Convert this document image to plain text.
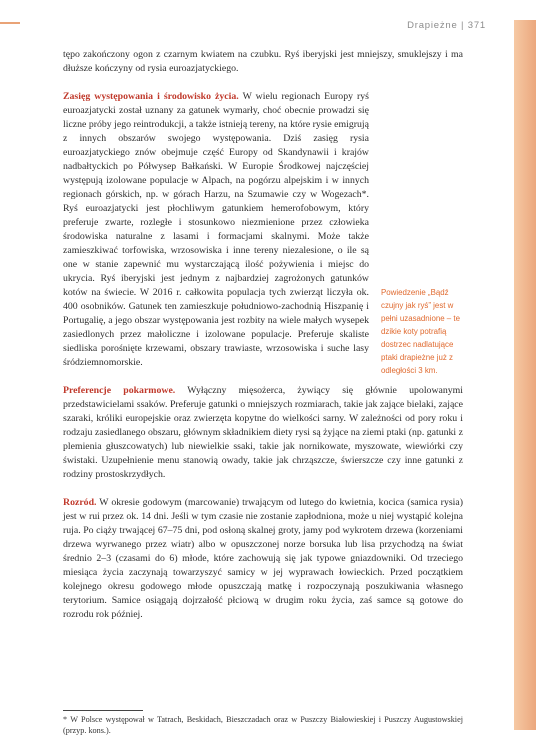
Drapieżne | 371

tępo zakończony ogon z czarnym kwiatem na czubku. Ryś iberyjski jest mniejszy, smuklejszy i ma dłuższe kończyny od rysia euroazjatyckiego.

Powiedzenie „Bądź czujny jak ryś” jest w pełni uzasadnione – te dzikie koty potrafią dostrzec nadlatujące ptaki drapieżne już z odległości 3 km.
Zasięg występowania i środowisko życia. W wielu regionach Europy ryś euroazjatycki został uznany za gatunek wymarły, choć obecnie prowadzi się liczne próby jego reintrodukcji, a także istnieją tereny, na które rysie emigrują z innych obszarów swojego występowania. Dziś zasięg rysia euroazjatyckiego znów obejmuje część Europy od Skandynawii i krajów nadbałtyckich po Półwysep Bałkański. W Europie Środkowej najczęściej występują izolowane populacje w Alpach, na pogórzu alpejskim i w innych regionach górskich, np. w górach Harzu, na Szumawie czy w Wogezach*. Ryś euroazjatycki jest płochliwym gatunkiem hemerofobowym, który preferuje zwarte, rozległe i stosunkowo niezmienione przez człowieka środowiska naturalne z lasami i formacjami skalnymi. Może także zamieszkiwać torfowiska, wrzosowiska i inne tereny niezalesione, o ile są one w stanie zapewnić mu wystarczającą ilość pożywienia i miejsc do ukrycia. Ryś iberyjski jest jednym z najbardziej zagrożonych gatunków kotów na świecie. W 2016 r. całkowita populacja tych zwierząt liczyła ok. 400 osobników. Gatunek ten zamieszkuje południowo-zachodnią Hiszpanię i Portugalię, a jego obszar występowania jest rozbity na wiele małych wysepek zasiedlonych przez małolicznе i izolowane populacje. Preferuje skaliste siedliska porośnięte krzewami, obszary trawiaste, wrzosowiska i suche lasy śródziemnomorskie.

Preferencje pokarmowe. Wyłączny mięsożerca, żywiący się głównie upolowanymi przedstawicielami ssaków. Preferuje gatunki o mniejszych rozmiarach, takie jak zające bielaki, zające szaraki, króliki europejskie oraz zwierzęta kopytne do wielkości sarny. W zależności od pory roku i rodzaju zasiedlanego obszaru, głównym składnikiem diety rysi są żyjące na ziemi ptaki (np. gatunki z plemienia głuszcowatych) lub niewielkie ssaki, takie jak nornikowate, myszowate, wiewiórki czy świstaki. Uzupełnienie menu stanowią owady, takie jak chrząszcze, świerszcze czy inne gatunki z rodziny prostoskrzydłych.

Rozród. W okresie godowym (marcowanie) trwającym od lutego do kwietnia, kocica (samica rysia) jest w rui przez ok. 14 dni. Jeśli w tym czasie nie zostanie zapłodniona, może u niej wystąpić kolejna ruja. Po ciąży trwającej 67–75 dni, pod osłoną skalnej groty, jamy pod wykrotem drzewa (korzeniami drzewa wyrwanego przez wiatr) albo w opuszczonej norze borsuka lub lisa przychodzą na świat średnio 2–3 (czasami do 6) młode, które zachowują się jak typowe gniazdowniki. Od trzeciego miesiąca życia zaczynają towarzyszyć samicy w jej wyprawach łowieckich. Przed początkiem kolejnego okresu godowego młode opuszczają matkę i rozpoczynają poszukiwania własnego terytorium. Samice osiągają dojrzałość płciową w drugim roku życia, zaś samce są gotowe do rozrodu rok później.

* W Polsce występował w Tatrach, Beskidach, Bieszczadach oraz w Puszczy Białowieskiej i Puszczy Augustowskiej (przyp. kons.).
